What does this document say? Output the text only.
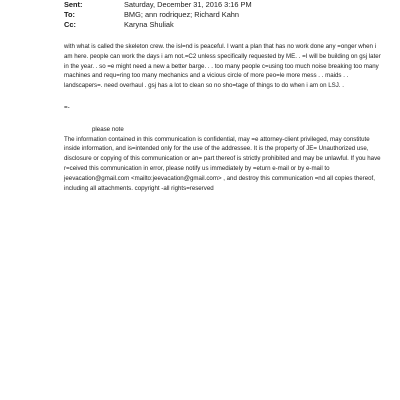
Sent:	Saturday, December 31, 2016 3:16 PM
To:	BMG; ann rodriquez; Richard Kahn
Cc:	Karyna Shuliak

with what is called the skeleton crew. the isl=nd is peaceful. I want a plan that has no work done any =onger when i

am here. people can work the days i am not.=C2 unless specifically requested by ME. . =I will be building on gsj later

in the year. . so =e might need a new a better barge. . . too many people c=using too much noise breaking too many

machines and requ=ring too many mechanics and a vicious circle of more peo=le more mess . . maids . .

landscapers=. need overhaul . gsj has a lot to clean so no sho=tage of things to do when i am on LSJ. .

=-

please note

The information contained in this communication is confidential, may =e attorney-client privileged, may constitute

inside information, and is=intended only for the use of the addressee. It is the property of JE= Unauthorized use,

disclosure or copying of this communication or an= part thereof is strictly prohibited and may be unlawful. If you have

r=ceived this communication in error, please notify us immediately by =eturn e-mail or by e-mail to

jeevacation@gmail.com <mailto:jeevacation@gmail.com> , and destroy this communication =nd all copies thereof,

including all attachments. copyright -all rights=reserved
